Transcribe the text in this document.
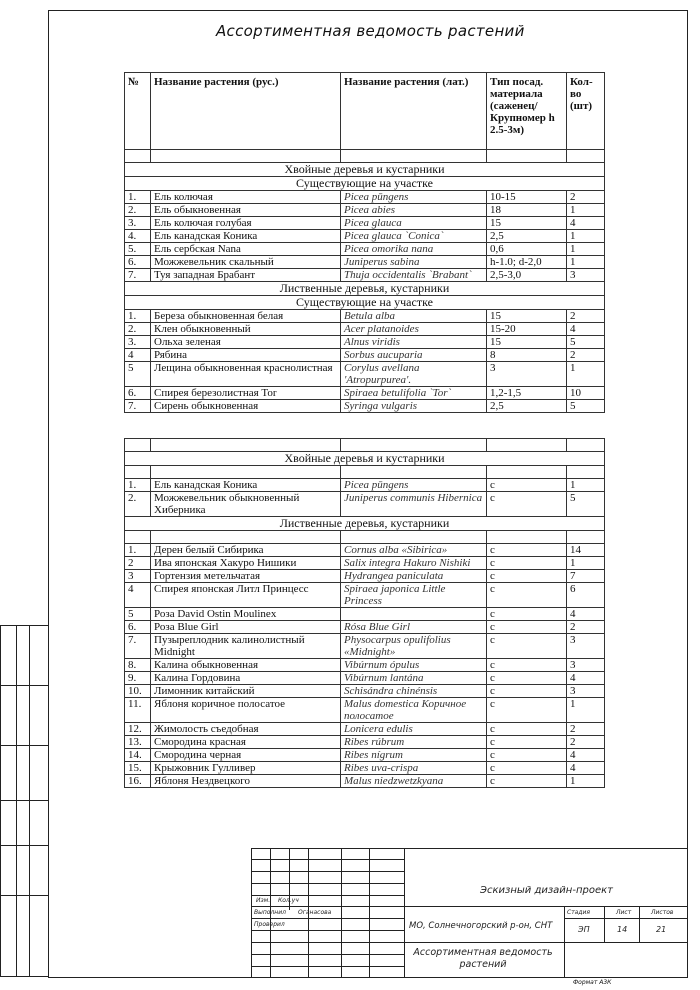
Ассортиментная ведомость растений
№	Название растения (рус.)	Название растения (лат.)	Тип посад. материала (саженец/ Крупномер h 2.5-3м)	Кол-во (шт)

Хвойные деревья и кустарники				
Существующие на участке				
1.	Ель колючая	Picea pūngens	10-15	2
2.	Ель обыкновенная	Picea abies	18	1
3.	Ель колючая голубая	Picea glauca	15	4
4.	Ель канадская Коника	Picea glauca `Conica`	2,5	1
5.	Ель сербская Nana	Picea omorika nana	0,6	1
6.	Можжевельник скальный	Juniperus sabina	h-1.0; d-2,0	1
7.	Туя западная Брабант	Thuja occidentalis `Brabant`	2,5-3,0	3
Лиственные деревья, кустарники				
Существующие на участке				
1.	Береза обыкновенная белая	Betula alba	15	2
2.	Клен обыкновенный	Acer platanoides	15-20	4
3.	Ольха зеленая	Alnus viridis	15	5
4	Рябина	Sorbus aucuparia	8	2
5	Лещина обыкновенная краснолистная	Corylus avellana 'Atropurpurea'.	3	1
6.	Спирея березолистная Tor	Spiraea betulifolia `Tor`	1,2-1,5	10
7.	Сирень обыкновенная	Syringa vulgaris	2,5	5

Хвойные деревья и кустарники				

1.	Ель канадская Коника	Picea pūngens	с	1
2.	Можжевельник обыкновенный Хиберника	Juniperus communis Hibernica	с	5
Лиственные деревья, кустарники				

1.	Дерен белый Сибирика	Cornus alba «Sibirica»	с	14
2	Ива японская Хакуро Нишики	Salix integra Hakuro Nishiki	с	1
3	Гортензия метельчатая	Hydrangea paniculata	с	7
4	Спирея японская Литл Принцесс	Spiraea japonica Little Princess	с	6
5	Роза David Ostin Moulinex		с	4
6.	Роза Blue Girl	Rósa Blue Girl	с	2
7.	Пузыреплодник калинолистный Midnight	Physocarpus opulifolius «Midnight»	с	3
8.	Калина обыкновенная	Vibúrnum ópulus	с	3
9.	Калина Гордовина	Vibúrnum lantána	с	4
10.	Лимонник китайский	Schisándra chinénsis	с	3
11.	Яблоня коричное полосатое	Malus domestica Коричное полосатое	с	1
12.	Жимолость съедобная	Lonicera edulis	с	2
13.	Смородина красная	Ribes rúbrum	с	2
14.	Смородина черная	Ribes nígrum	с	4
15.	Крыжовник Гулливер	Ribes uva-crispa	с	4
16.	Яблоня Нездвецкого	Malus niedzwetzkyana	с	1
Изм. Кол.уч
Выполнил Оганасова
Проверил
Эскизный дизайн-проект
МО, Солнечногорский р-он, СНТ
Стадия	Лист	Листов
ЭП	14	21
Ассортиментная ведомость растений
Формат А3К
